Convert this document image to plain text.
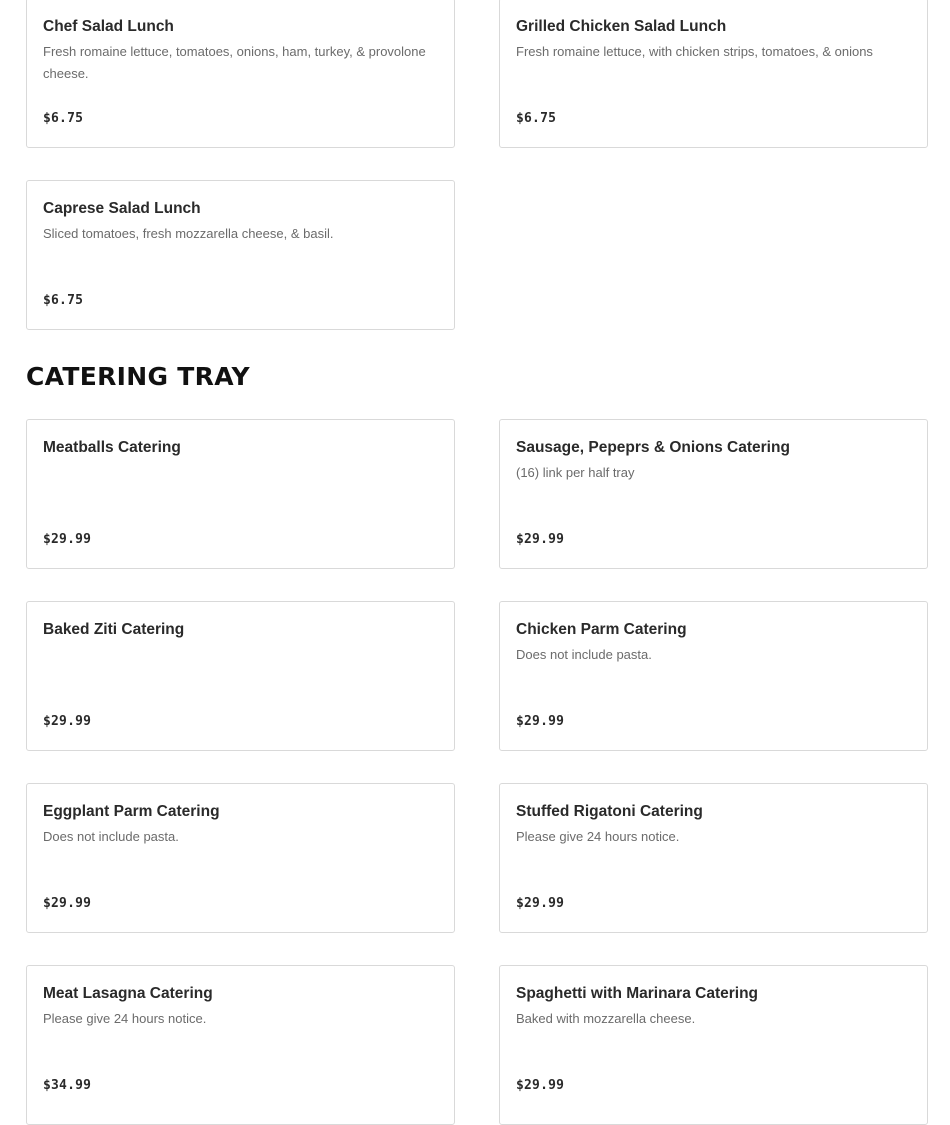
Chef Salad Lunch
Fresh romaine lettuce, tomatoes, onions, ham, turkey, & provolone cheese.
$6.75
Grilled Chicken Salad Lunch
Fresh romaine lettuce, with chicken strips, tomatoes, & onions
$6.75
Caprese Salad Lunch
Sliced tomatoes, fresh mozzarella cheese, & basil.
$6.75
CATERING TRAY
Meatballs Catering
$29.99
Sausage, Pepeprs & Onions Catering
(16) link per half tray
$29.99
Baked Ziti Catering
$29.99
Chicken Parm Catering
Does not include pasta.
$29.99
Eggplant Parm Catering
Does not include pasta.
$29.99
Stuffed Rigatoni Catering
Please give 24 hours notice.
$29.99
Meat Lasagna Catering
Please give 24 hours notice.
$34.99
Spaghetti with Marinara Catering
Baked with mozzarella cheese.
$29.99
